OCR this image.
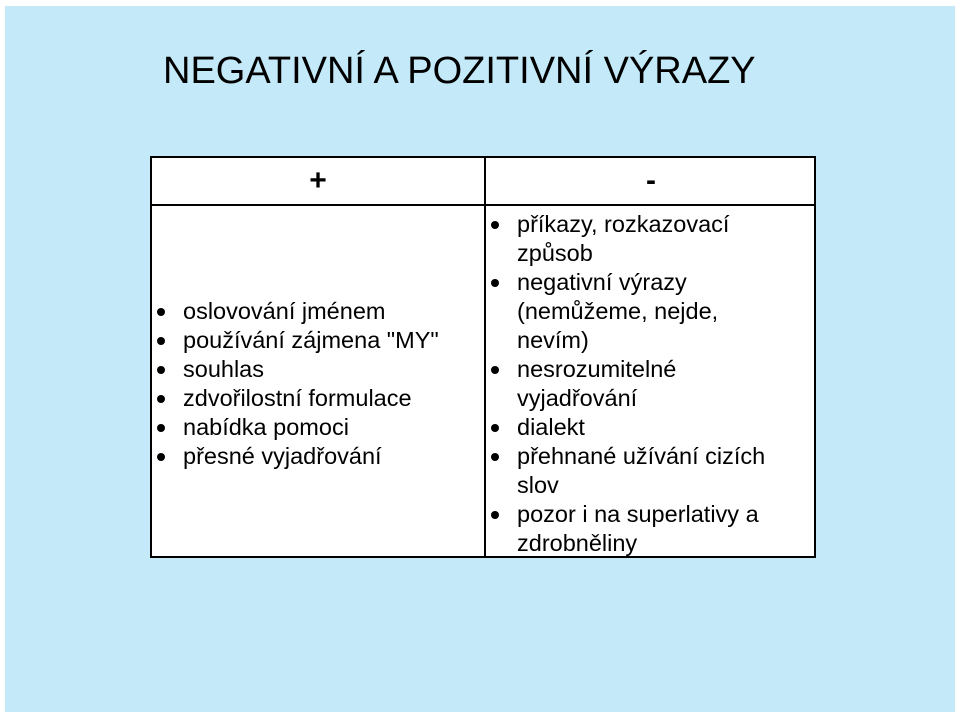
NEGATIVNÍ A POZITIVNÍ VÝRAZY
+	-
oslovování jménem
používání zájmena "MY"
souhlas
zdvořilostní formulace
nabídka pomoci
přesné vyjadřování
příkazy, rozkazovací
způsob
negativní výrazy
(nemůžeme, nejde,
nevím)
nesrozumitelné
vyjadřování
dialekt
přehnané užívání cizích
slov
pozor i na superlativy a
zdrobněliny
